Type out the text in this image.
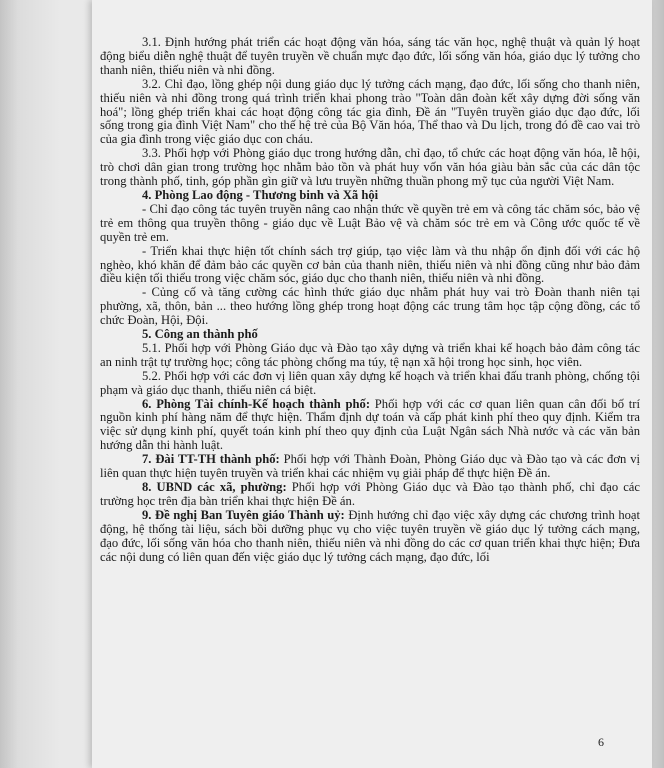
3.1. Định hướng phát triển các hoạt động văn hóa, sáng tác văn học, nghệ thuật và quản lý hoạt động biểu diễn nghệ thuật để tuyên truyền về chuẩn mực đạo đức, lối sống văn hóa, giáo dục lý tưởng cho thanh niên, thiếu niên và nhi đồng.

3.2. Chỉ đạo, lồng ghép nội dung giáo dục lý tưởng cách mạng, đạo đức, lối sống cho thanh niên, thiếu niên và nhi đồng trong quá trình triển khai phong trào "Toàn dân đoàn kết xây dựng đời sống văn hoá"; lồng ghép triển khai các hoạt động công tác gia đình, Đề án "Tuyên truyền giáo dục đạo đức, lối sống trong gia đình Việt Nam" cho thế hệ trẻ của Bộ Văn hóa, Thể thao và Du lịch, trong đó đề cao vai trò của gia đình trong việc giáo dục con cháu.

3.3. Phối hợp với Phòng giáo dục trong hướng dẫn, chỉ đạo, tổ chức các hoạt động văn hóa, lễ hội, trò chơi dân gian trong trường học nhằm bảo tồn và phát huy vốn văn hóa giàu bản sắc của các dân tộc trong thành phố, tinh, góp phần gìn giữ và lưu truyền những thuần phong mỹ tục của người Việt Nam.

4. Phòng Lao động - Thương binh và Xã hội

- Chỉ đạo công tác tuyên truyền nâng cao nhận thức về quyền trẻ em và công tác chăm sóc, bảo vệ trẻ em thông qua truyền thông - giáo dục về Luật Bảo vệ và chăm sóc trẻ em và Công ước quốc tế về quyền trẻ em.

- Triển khai thực hiện tốt chính sách trợ giúp, tạo việc làm và thu nhập ổn định đối với các hộ nghèo, khó khăn để đảm bảo các quyền cơ bản của thanh niên, thiếu niên và nhi đồng cũng như bảo đảm điều kiện tối thiểu trong việc chăm sóc, giáo dục cho thanh niên, thiếu niên và nhi đồng.

- Củng cố và tăng cường các hình thức giáo dục nhằm phát huy vai trò Đoàn thanh niên tại phường, xã, thôn, bản ... theo hướng lồng ghép trong hoạt động các trung tâm học tập cộng đồng, các tổ chức Đoàn, Hội, Đội.

5. Công an thành phố

5.1. Phối hợp với Phòng Giáo dục và Đào tạo xây dựng và triển khai kế hoạch bảo đảm công tác an ninh trật tự trường học; công tác phòng chống ma túy, tệ nạn xã hội trong học sinh, học viên.

5.2. Phối hợp với các đơn vị liên quan xây dựng kế hoạch và triển khai đấu tranh phòng, chống tội phạm và giáo dục thanh, thiếu niên cá biệt.

6. Phòng Tài chính-Kế hoạch thành phố: Phối hợp với các cơ quan liên quan cân đối bố trí nguồn kinh phí hàng năm để thực hiện. Thẩm định dự toán và cấp phát kinh phí theo quy định. Kiểm tra việc sử dụng kinh phí, quyết toán kinh phí theo quy định của Luật Ngân sách Nhà nước và các văn bản hướng dẫn thi hành luật.

7. Đài TT-TH thành phố: Phối hợp với Thành Đoàn, Phòng Giáo dục và Đào tạo và các đơn vị liên quan thực hiện tuyên truyền và triển khai các nhiệm vụ giải pháp để thực hiện Đề án.

8. UBND các xã, phường: Phối hợp với Phòng Giáo dục và Đào tạo thành phố, chỉ đạo các trường học trên địa bàn triển khai thực hiện Đề án.

9. Đề nghị Ban Tuyên giáo Thành uỷ: Định hướng chỉ đạo việc xây dựng các chương trình hoạt động, hệ thống tài liệu, sách bồi dưỡng phục vụ cho việc tuyên truyền về giáo dục lý tưởng cách mạng, đạo đức, lối sống văn hóa cho thanh niên, thiếu niên và nhi đồng do các cơ quan triển khai thực hiện; Đưa các nội dung có liên quan đến việc giáo dục lý tưởng cách mạng, đạo đức, lối

6
